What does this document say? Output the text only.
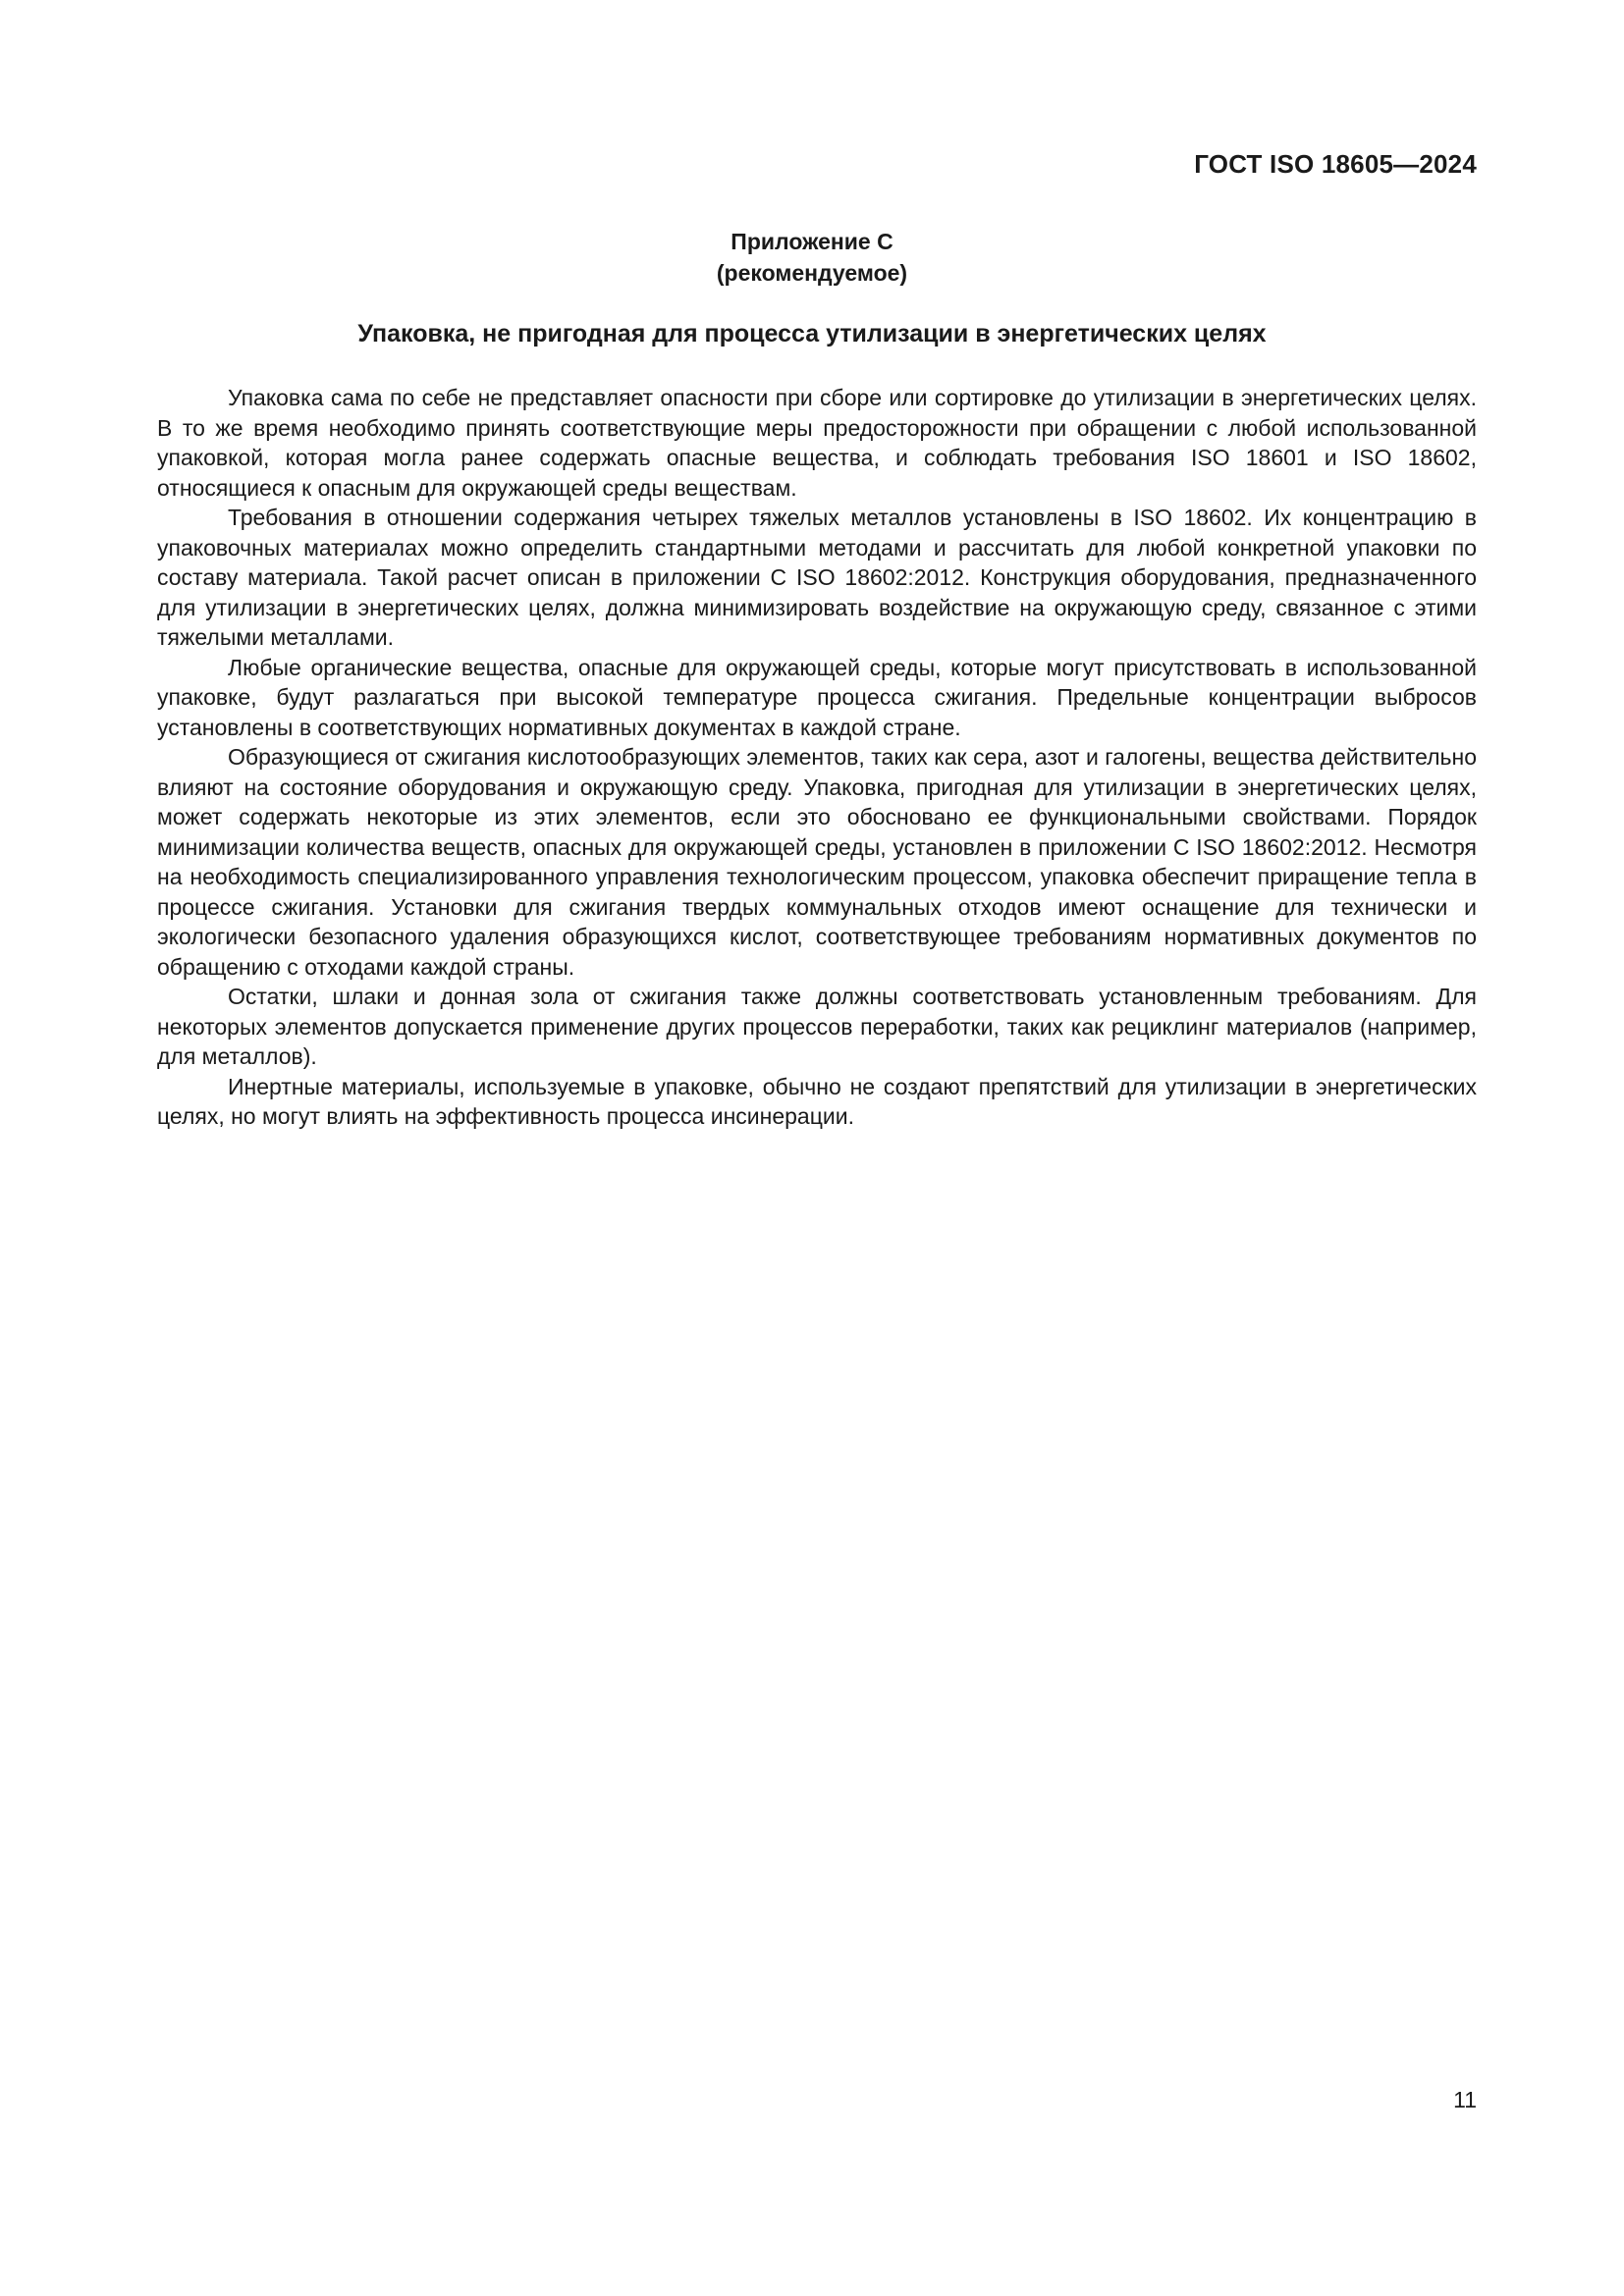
ГОСТ ISO 18605—2024
Приложение С
(рекомендуемое)
Упаковка, не пригодная для процесса утилизации в энергетических целях

Упаковка сама по себе не представляет опасности при сборе или сортировке до утилизации в энергетических целях. В то же время необходимо принять соответствующие меры предосторожности при обращении с любой использованной упаковкой, которая могла ранее содержать опасные вещества, и соблюдать требования ISO 18601 и ISO 18602, относящиеся к опасным для окружающей среды веществам.

Требования в отношении содержания четырех тяжелых металлов установлены в ISO 18602. Их концентрацию в упаковочных материалах можно определить стандартными методами и рассчитать для любой конкретной упаковки по составу материала. Такой расчет описан в приложении С ISO 18602:2012. Конструкция оборудования, предназначенного для утилизации в энергетических целях, должна минимизировать воздействие на окружающую среду, связанное с этими тяжелыми металлами.

Любые органические вещества, опасные для окружающей среды, которые могут присутствовать в использованной упаковке, будут разлагаться при высокой температуре процесса сжигания. Предельные концентрации выбросов установлены в соответствующих нормативных документах в каждой стране.

Образующиеся от сжигания кислотообразующих элементов, таких как сера, азот и галогены, вещества действительно влияют на состояние оборудования и окружающую среду. Упаковка, пригодная для утилизации в энергетических целях, может содержать некоторые из этих элементов, если это обосновано ее функциональными свойствами. Порядок минимизации количества веществ, опасных для окружающей среды, установлен в приложении С ISO 18602:2012. Несмотря на необходимость специализированного управления технологическим процессом, упаковка обеспечит приращение тепла в процессе сжигания. Установки для сжигания твердых коммунальных отходов имеют оснащение для технически и экологически безопасного удаления образующихся кислот, соответствующее требованиям нормативных документов по обращению с отходами каждой страны.

Остатки, шлаки и донная зола от сжигания также должны соответствовать установленным требованиям. Для некоторых элементов допускается применение других процессов переработки, таких как рециклинг материалов (например, для металлов).

Инертные материалы, используемые в упаковке, обычно не создают препятствий для утилизации в энергетических целях, но могут влиять на эффективность процесса инсинерации.

11
